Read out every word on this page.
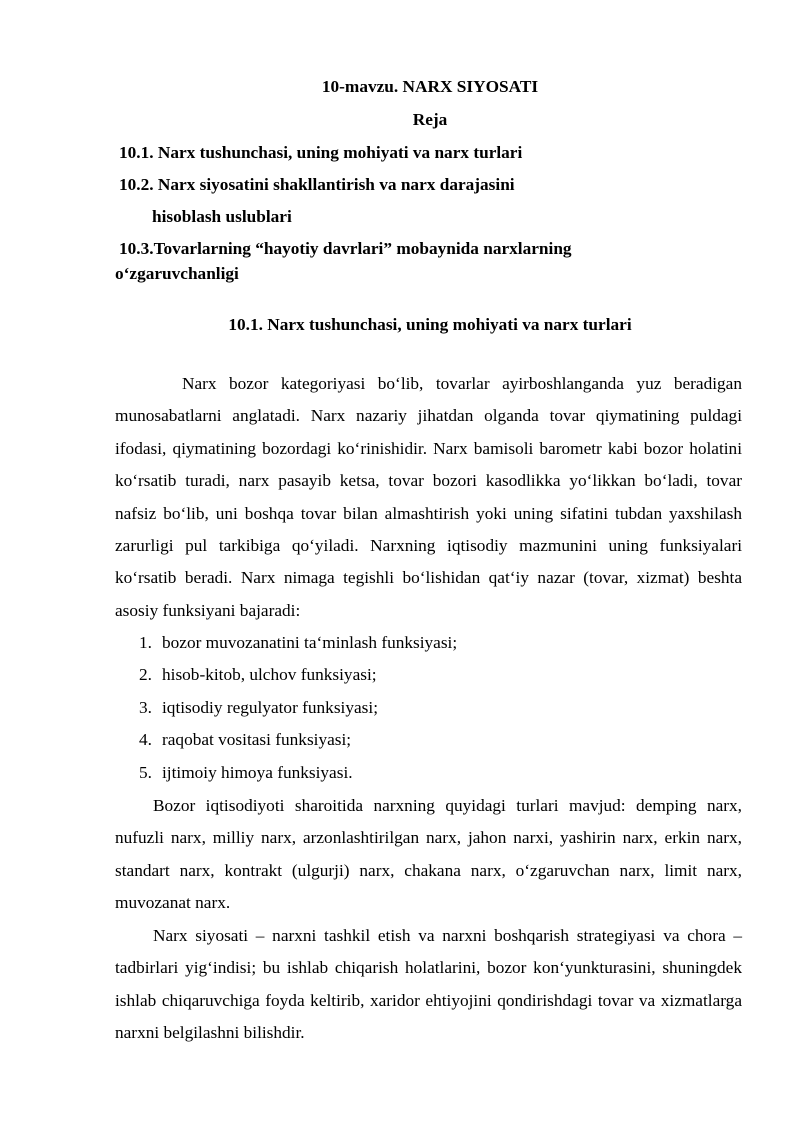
10-mavzu. NARX SIYOSATI
Reja
10.1. Narx tushunchasi, uning mohiyati va narx turlari
10.2. Narx siyosatini shakllantirish va narx darajasini
hisoblash uslublari
10.3.Tovarlarning “hayotiy davrlari” mobaynida narxlarning
o‘zgaruvchanligi
10.1. Narx tushunchasi, uning mohiyati va narx turlari

Narx bozor kategoriyasi bo‘lib, tovarlar ayirboshlanganda yuz beradigan munosabatlarni anglatadi. Narx nazariy jihatdan olganda tovar qiymatining puldagi ifodasi, qiymatining bozordagi ko‘rinishidir. Narx bamisoli barometr kabi bozor holatini ko‘rsatib turadi, narx pasayib ketsa, tovar bozori kasodlikka yo‘likkan bo‘ladi, tovar nafsiz bo‘lib, uni boshqa tovar bilan almashtirish yoki uning sifatini tubdan yaxshilash zarurligi pul tarkibiga qo‘yiladi. Narxning iqtisodiy mazmunini uning funksiyalari ko‘rsatib beradi. Narx nimaga tegishli bo‘lishidan qat‘iy nazar (tovar, xizmat) beshta asosiy funksiyani bajaradi:

1. bozor muvozanatini ta‘minlash funksiyasi;
2. hisob-kitob, ulchov funksiyasi;
3. iqtisodiy regulyator funksiyasi;
4. raqobat vositasi funksiyasi;
5. ijtimoiy himoya funksiyasi.

Bozor iqtisodiyoti sharoitida narxning quyidagi turlari mavjud: demping narx, nufuzli narx, milliy narx, arzonlashtirilgan narx, jahon narxi, yashirin narx, erkin narx, standart narx, kontrakt (ulgurji) narx, chakana narx, o‘zgaruvchan narx, limit narx, muvozanat narx.

Narx siyosati – narxni tashkil etish va narxni boshqarish strategiyasi va chora – tadbirlari yig‘indisi; bu ishlab chiqarish holatlarini, bozor kon‘yunkturasini, shuningdek ishlab chiqaruvchiga foyda keltirib, xaridor ehtiyojini qondirishdagi tovar va xizmatlarga narxni belgilashni bilishdir.
